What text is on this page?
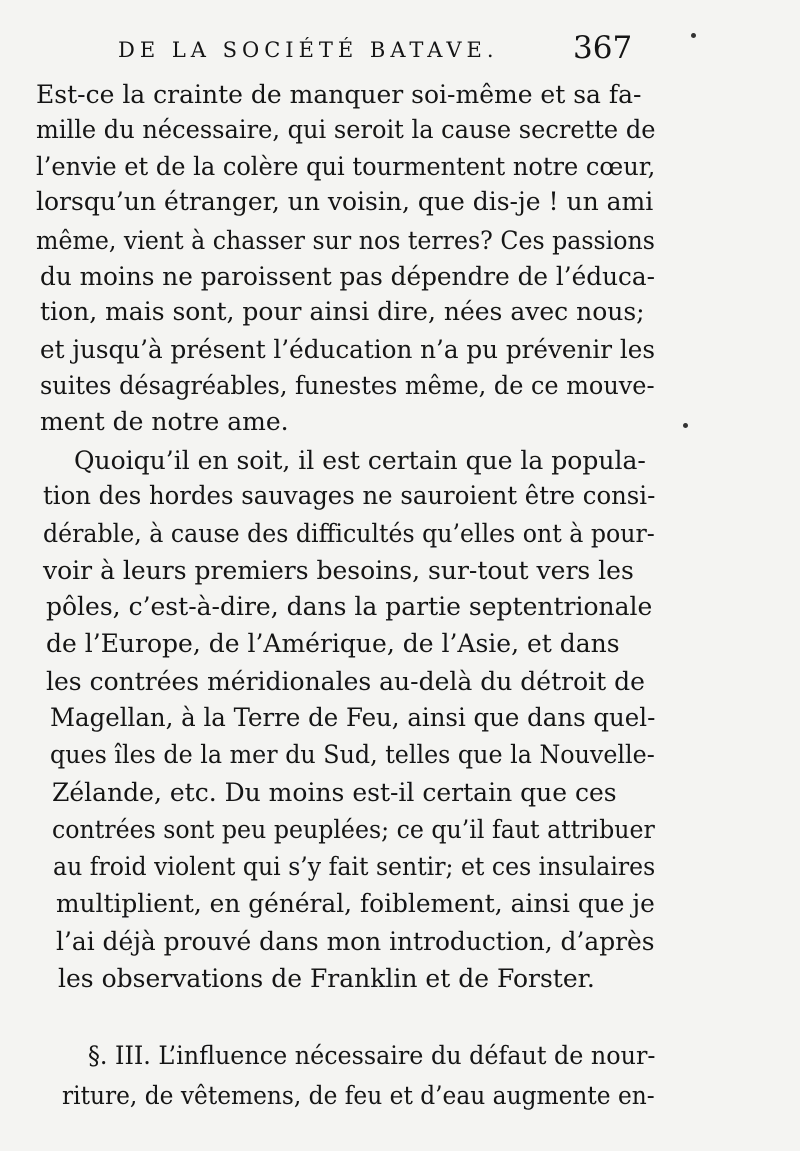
DE LA SOCIÉTÉ BATAVE. 367
Est-ce la crainte de manquer soi-même et sa fa-
mille du nécessaire, qui seroit la cause secrette de
l’envie et de la colère qui tourmentent notre cœur,
lorsqu’un étranger, un voisin, que dis-je ! un ami
même, vient à chasser sur nos terres? Ces passions
du moins ne paroissent pas dépendre de l’éduca-
tion, mais sont, pour ainsi dire, nées avec nous;
et jusqu’à présent l’éducation n’a pu prévenir les
suites désagréables, funestes même, de ce mouve-
ment de notre ame.
Quoiqu’il en soit, il est certain que la popula-
tion des hordes sauvages ne sauroient être consi-
dérable, à cause des difficultés qu’elles ont à pour-
voir à leurs premiers besoins, sur-tout vers les
pôles, c’est-à-dire, dans la partie septentrionale
de l’Europe, de l’Amérique, de l’Asie, et dans
les contrées méridionales au-delà du détroit de
Magellan, à la Terre de Feu, ainsi que dans quel-
ques îles de la mer du Sud, telles que la Nouvelle-
Zélande, etc. Du moins est-il certain que ces
contrées sont peu peuplées; ce qu’il faut attribuer
au froid violent qui s’y fait sentir; et ces insulaires
multiplient, en général, foiblement, ainsi que je
l’ai déjà prouvé dans mon introduction, d’après
les observations de Franklin et de Forster.
§. III. L’influence nécessaire du défaut de nour-
riture, de vêtemens, de feu et d’eau augmente en-
